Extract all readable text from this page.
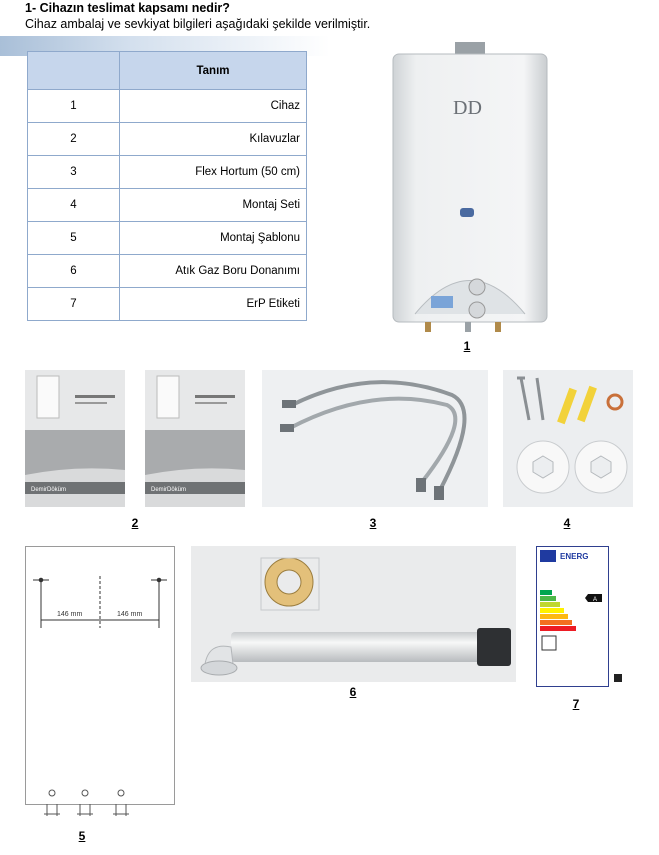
1- Cihazın teslimat kapsamı nedir?
Cihaz ambalaj ve sevkiyat bilgileri aşağıdaki şekilde verilmiştir.
	Tanım
1	Cihaz
2	Kılavuzlar
3	Flex Hortum (50 cm)
4	Montaj Seti
5	Montaj Şablonu
6	Atık Gaz Boru Donanımı
7	ErP Etiketi
DD
1
DemirDöküm	DemirDöküm
2	3	4
146 mm	146 mm
5
6
ENERG
A
7
